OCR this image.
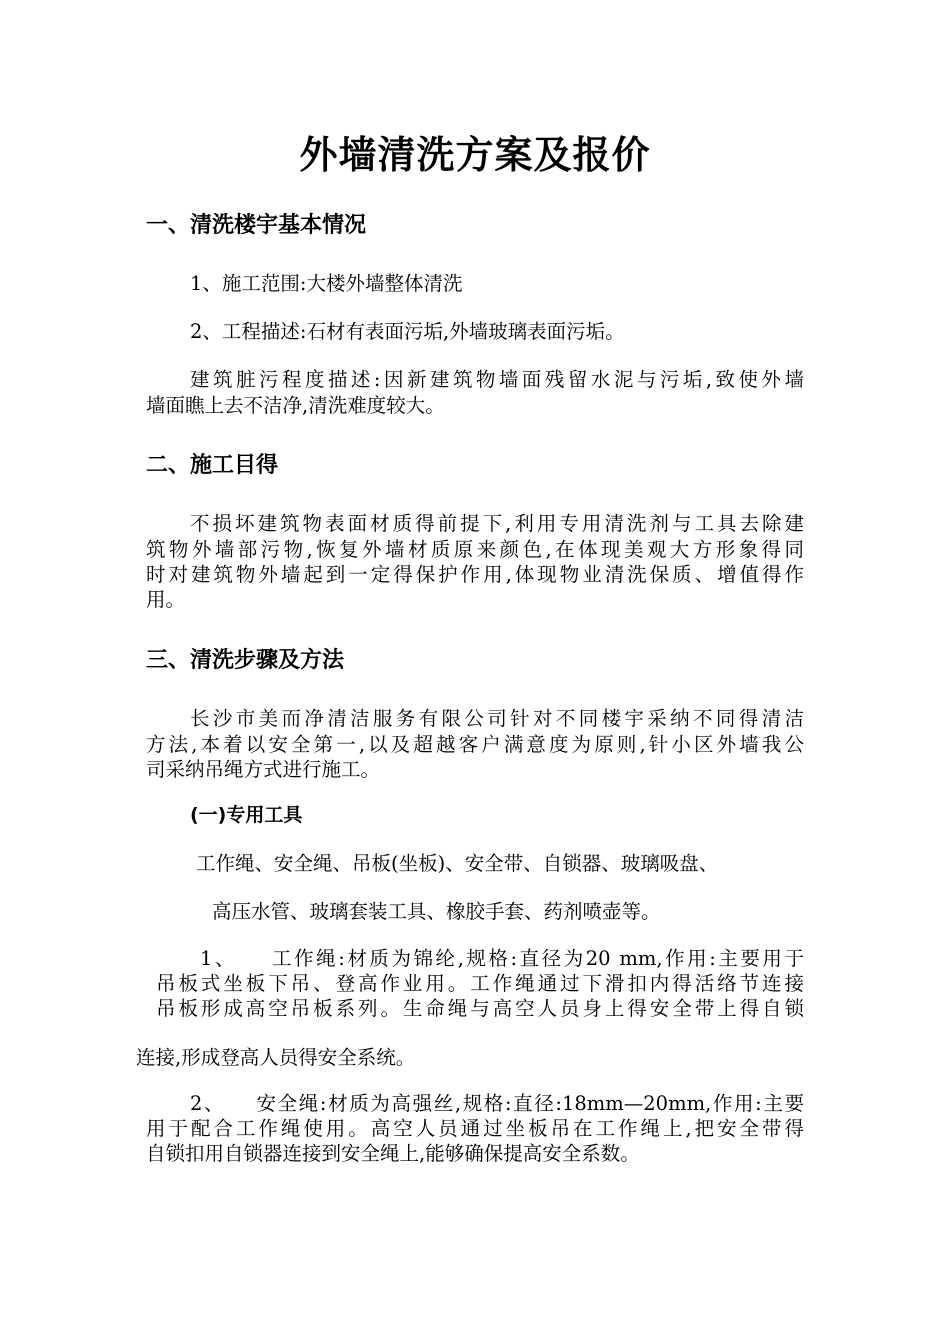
外墙清洗方案及报价
一、清洗楼宇基本情况
1、施工范围:大楼外墙整体清洗
2、工程描述:石材有表面污垢,外墙玻璃表面污垢。
建筑脏污程度描述:因新建筑物墙面残留水泥与污垢,致使外墙
墙面瞧上去不洁净,清洗难度较大。
二、施工目得
不损坏建筑物表面材质得前提下,利用专用清洗剂与工具去除建
筑物外墙部污物,恢复外墙材质原来颜色,在体现美观大方形象得同
时对建筑物外墙起到一定得保护作用,体现物业清洗保质、增值得作
用。
三、清洗步骤及方法
长沙市美而净清洁服务有限公司针对不同楼宇采纳不同得清洁
方法,本着以安全第一,以及超越客户满意度为原则,针小区外墙我公
司采纳吊绳方式进行施工。
(一)专用工具
工作绳、安全绳、吊板(坐板)、安全带、自锁器、玻璃吸盘、
高压水管、玻璃套装工具、橡胶手套、药剂喷壶等。
1、    工作绳:材质为锦纶,规格:直径为20 mm,作用:主要用于
吊板式坐板下吊、登高作业用。工作绳通过下滑扣内得活络节连接
吊板形成高空吊板系列。生命绳与高空人员身上得安全带上得自锁
连接,形成登高人员得安全系统。
2、    安全绳:材质为高强丝,规格:直径:18mm—20mm,作用:主要
用于配合工作绳使用。高空人员通过坐板吊在工作绳上,把安全带得
自锁扣用自锁器连接到安全绳上,能够确保提高安全系数。
